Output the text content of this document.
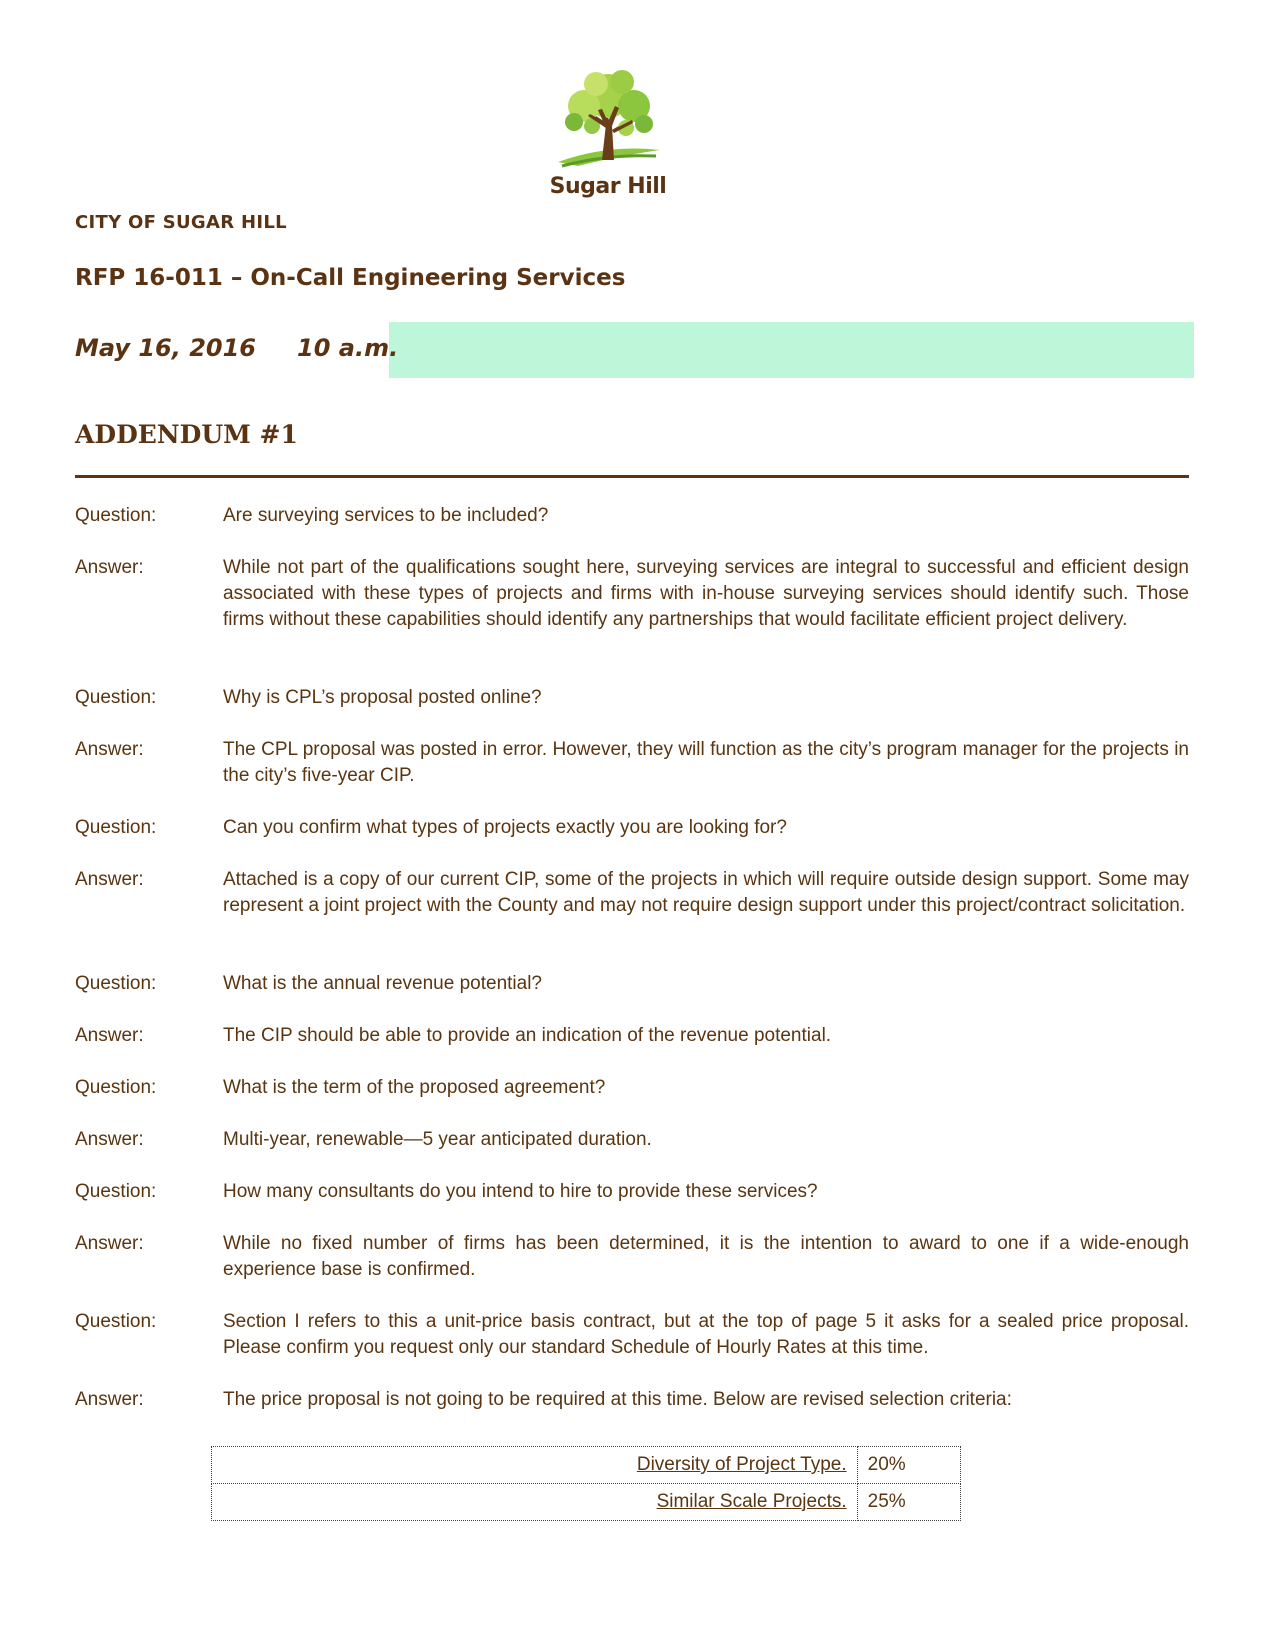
Sugar Hill
CITY OF SUGAR HILL
RFP 16-011 – On-Call Engineering Services
May 16, 2016 10 a.m.
ADDENDUM #1
Question:	Are surveying services to be included?
Answer:	While not part of the qualifications sought here, surveying services are integral to successful and efficient design associated with these types of projects and firms with in-house surveying services should identify such. Those firms without these capabilities should identify any partnerships that would facilitate efficient project delivery.
Question:	Why is CPL’s proposal posted online?
Answer:	The CPL proposal was posted in error. However, they will function as the city’s program manager for the projects in the city’s five-year CIP.
Question:	Can you confirm what types of projects exactly you are looking for?
Answer:	Attached is a copy of our current CIP, some of the projects in which will require outside design support. Some may represent a joint project with the County and may not require design support under this project/contract solicitation.
Question:	What is the annual revenue potential?
Answer:	The CIP should be able to provide an indication of the revenue potential.
Question:	What is the term of the proposed agreement?
Answer:	Multi-year, renewable—5 year anticipated duration.
Question:	How many consultants do you intend to hire to provide these services?
Answer:	While no fixed number of firms has been determined, it is the intention to award to one if a wide-enough experience base is confirmed.
Question:	Section I refers to this a unit-price basis contract, but at the top of page 5 it asks for a sealed price proposal. Please confirm you request only our standard Schedule of Hourly Rates at this time.
Answer:	The price proposal is not going to be required at this time. Below are revised selection criteria:
Diversity of Project Type.	20%
Similar Scale Projects.	25%
